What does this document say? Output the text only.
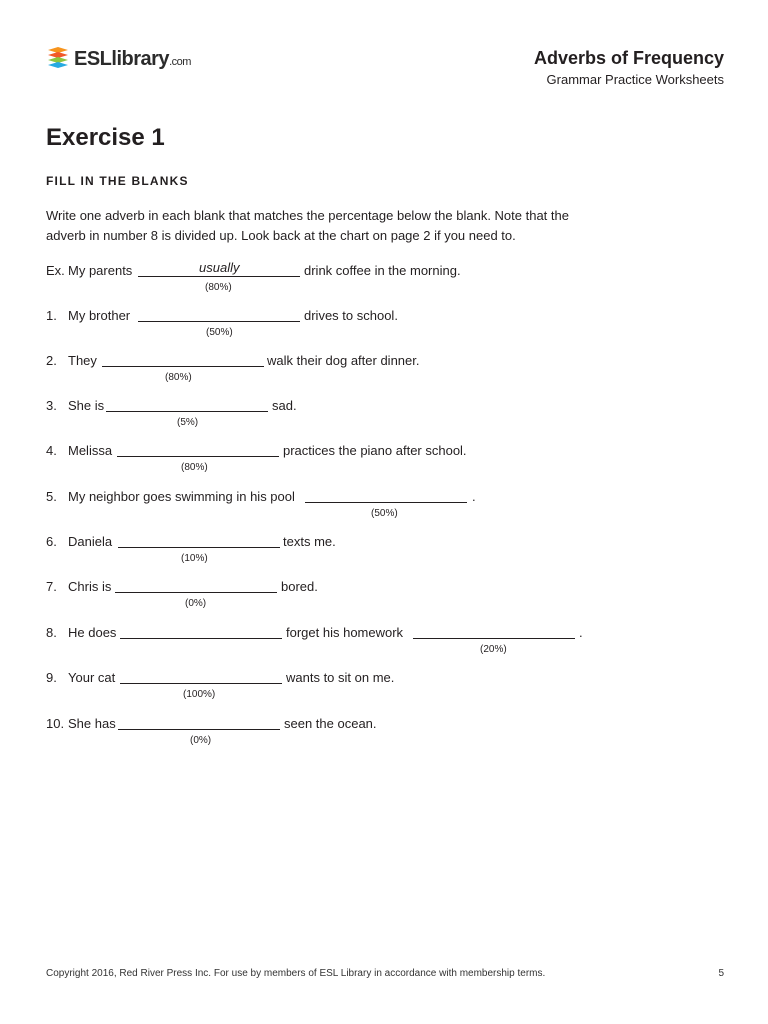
ESLlibrary.com	Adverbs of Frequency
Grammar Practice Worksheets
Exercise 1
FILL IN THE BLANKS
Write one adverb in each blank that matches the percentage below the blank. Note that the adverb in number 8 is divided up. Look back at the chart on page 2 if you need to.
Ex. My parents	usually	drink coffee in the morning.
(80%)
1. My brother	drives to school.
(50%)
2. They	walk their dog after dinner.
(80%)
3. She is	sad.
(5%)
4. Melissa	practices the piano after school.
(80%)
5. My neighbor goes swimming in his pool	.
(50%)
6. Daniela	texts me.
(10%)
7. Chris is	bored.
(0%)
8. He does	forget his homework	.
(20%)
9. Your cat	wants to sit on me.
(100%)
10. She has	seen the ocean.
(0%)
Copyright 2016, Red River Press Inc. For use by members of ESL Library in accordance with membership terms.	5
